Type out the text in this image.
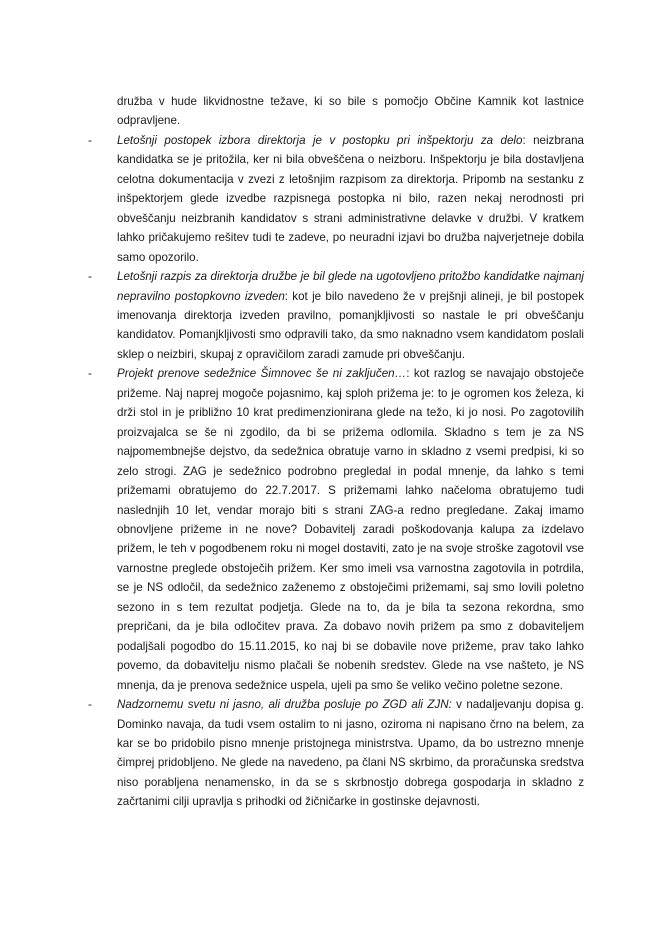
družba v hude likvidnostne težave, ki so bile s pomočjo Občine Kamnik kot lastnice odpravljene.

- Letošnji postopek izbora direktorja je v postopku pri inšpektorju za delo: neizbrana kandidatka se je pritožila, ker ni bila obveščena o neizboru. Inšpektorju je bila dostavljena celotna dokumentacija v zvezi z letošnjim razpisom za direktorja. Pripomb na sestanku z inšpektorjem glede izvedbe razpisnega postopka ni bilo, razen nekaj nerodnosti pri obveščanju neizbranih kandidatov s strani administrativne delavke v družbi. V kratkem lahko pričakujemo rešitev tudi te zadeve, po neuradni izjavi bo družba najverjetneje dobila samo opozorilo.

- Letošnji razpis za direktorja družbe je bil glede na ugotovljeno pritožbo kandidatke najmanj nepravilno postopkovno izveden: kot je bilo navedeno že v prejšnji alineji, je bil postopek imenovanja direktorja izveden pravilno, pomanjkljivosti so nastale le pri obveščanju kandidatov. Pomanjkljivosti smo odpravili tako, da smo naknadno vsem kandidatom poslali sklep o neizbiri, skupaj z opravičilom zaradi zamude pri obveščanju.

- Projekt prenove sedežnice Šimnovec še ni zaključen…: kot razlog se navajajo obstoječe prižeme. Naj naprej mogoče pojasnimo, kaj sploh prižema je: to je ogromen kos železa, ki drži stol in je približno 10 krat predimenzionirana glede na težo, ki jo nosi. Po zagotovilih proizvajalca se še ni zgodilo, da bi se prižema odlomila. Skladno s tem je za NS najpomembnejše dejstvo, da sedežnica obratuje varno in skladno z vsemi predpisi, ki so zelo strogi. ZAG je sedežnico podrobno pregledal in podal mnenje, da lahko s temi prižemami obratujemo do 22.7.2017. S prižemami lahko načeloma obratujemo tudi naslednjih 10 let, vendar morajo biti s strani ZAG-a redno pregledane. Zakaj imamo obnovljene prižeme in ne nove? Dobavitelj zaradi poškodovanja kalupa za izdelavo prižem, le teh v pogodbenem roku ni mogel dostaviti, zato je na svoje stroške zagotovil vse varnostne preglede obstoječih prižem. Ker smo imeli vsa varnostna zagotovila in potrdila, se je NS odločil, da sedežnico zaženemo z obstoječimi prižemami, saj smo lovili poletno sezono in s tem rezultat podjetja. Glede na to, da je bila ta sezona rekordna, smo prepričani, da je bila odločitev prava. Za dobavo novih prižem pa smo z dobaviteljem podaljšali pogodbo do 15.11.2015, ko naj bi se dobavile nove prižeme, prav tako lahko povemo, da dobavitelju nismo plačali še nobenih sredstev. Glede na vse našteto, je NS mnenja, da je prenova sedežnice uspela, ujeli pa smo še veliko večino poletne sezone.

- Nadzornemu svetu ni jasno, ali družba posluje po ZGD ali ZJN: v nadaljevanju dopisa g. Dominko navaja, da tudi vsem ostalim to ni jasno, oziroma ni napisano črno na belem, za kar se bo pridobilo pisno mnenje pristojnega ministrstva. Upamo, da bo ustrezno mnenje čimprej pridobljeno. Ne glede na navedeno, pa člani NS skrbimo, da proračunska sredstva niso porabljena nenamensko, in da se s skrbnostjo dobrega gospodarja in skladno z začrtanimi cilji upravlja s prihodki od žičničarke in gostinske dejavnosti.
